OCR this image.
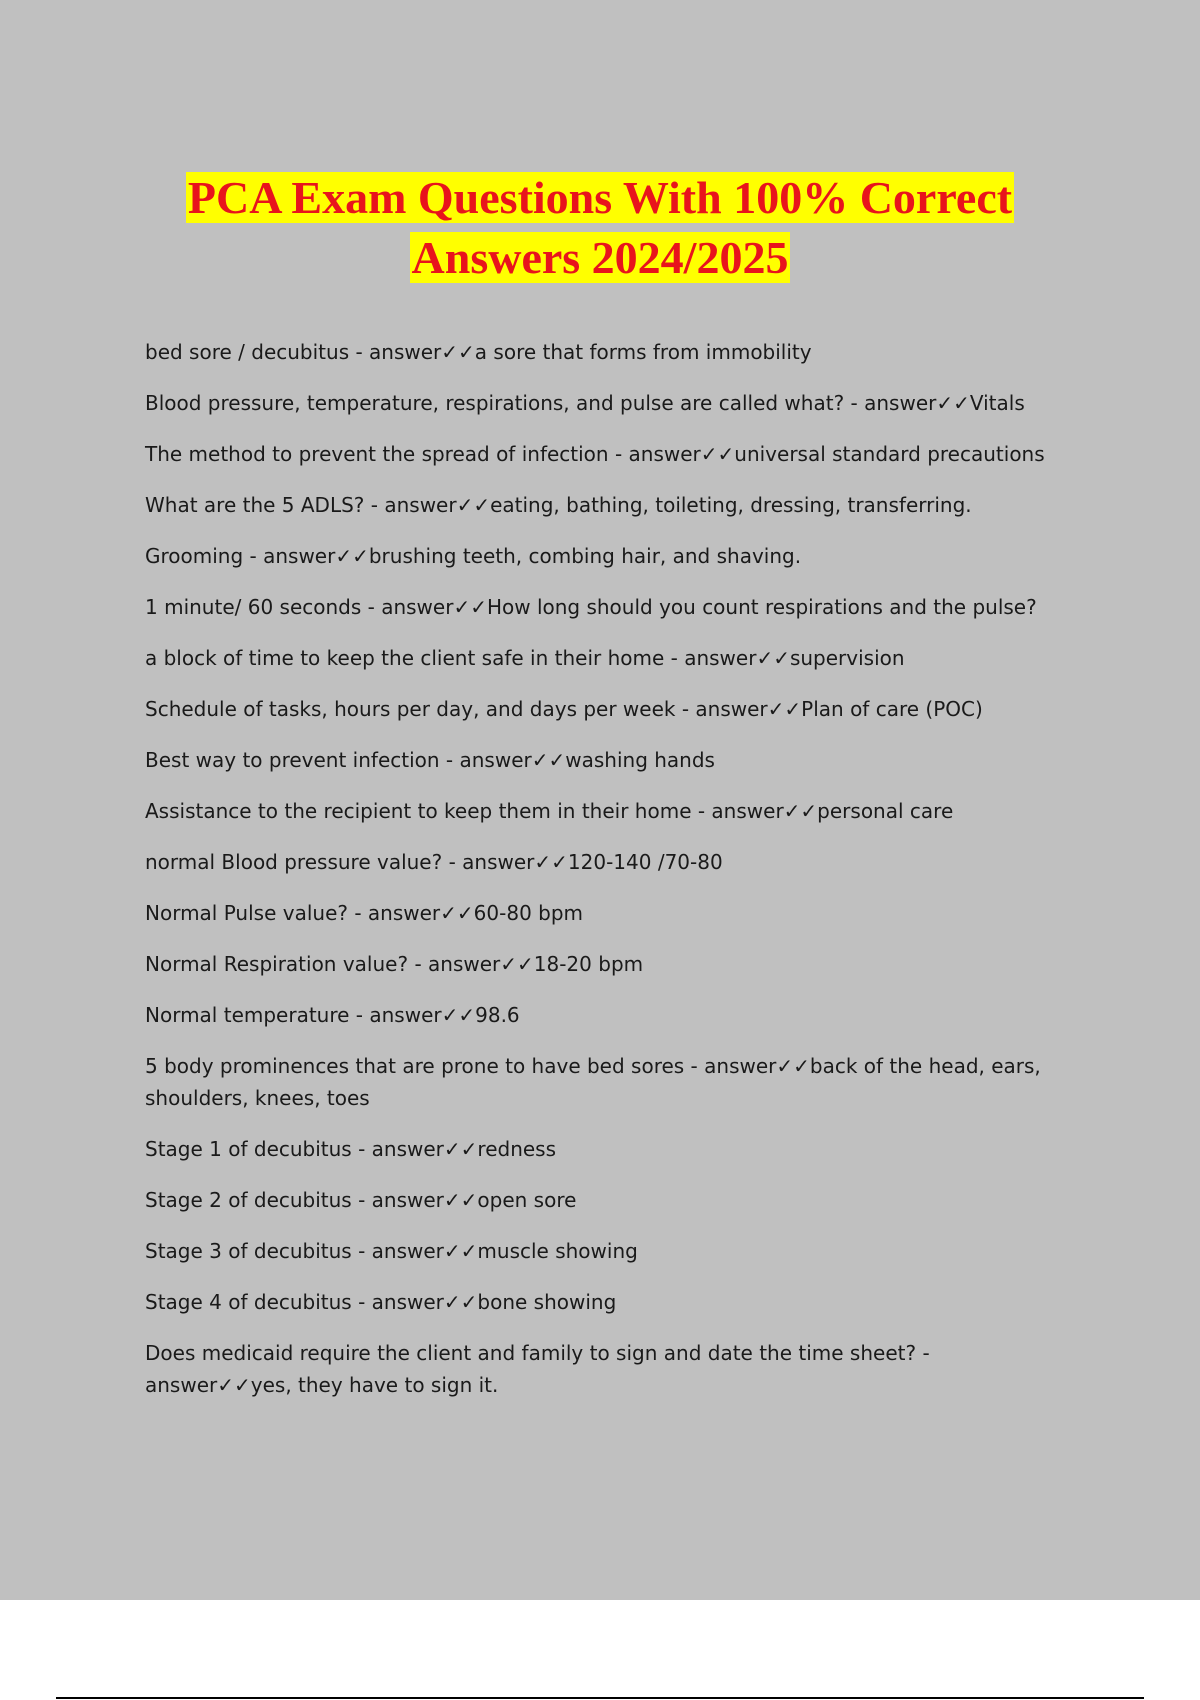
PCA Exam Questions With 100% Correct
Answers 2024/2025

bed sore / decubitus - answer✓✓a sore that forms from immobility

Blood pressure, temperature, respirations, and pulse are called what? - answer✓✓Vitals

The method to prevent the spread of infection - answer✓✓universal standard precautions

What are the 5 ADLS? - answer✓✓eating, bathing, toileting, dressing, transferring.

Grooming - answer✓✓brushing teeth, combing hair, and shaving.

1 minute/ 60 seconds - answer✓✓How long should you count respirations and the pulse?

a block of time to keep the client safe in their home - answer✓✓supervision

Schedule of tasks, hours per day, and days per week - answer✓✓Plan of care (POC)

Best way to prevent infection - answer✓✓washing hands

Assistance to the recipient to keep them in their home - answer✓✓personal care

normal Blood pressure value? - answer✓✓120-140 /70-80

Normal Pulse value? - answer✓✓60-80 bpm

Normal Respiration value? - answer✓✓18-20 bpm

Normal temperature - answer✓✓98.6

5 body prominences that are prone to have bed sores - answer✓✓back of the head, ears, shoulders, knees, toes

Stage 1 of decubitus - answer✓✓redness

Stage 2 of decubitus - answer✓✓open sore

Stage 3 of decubitus - answer✓✓muscle showing

Stage 4 of decubitus - answer✓✓bone showing

Does medicaid require the client and family to sign and date the time sheet? - answer✓✓yes, they have to sign it.
